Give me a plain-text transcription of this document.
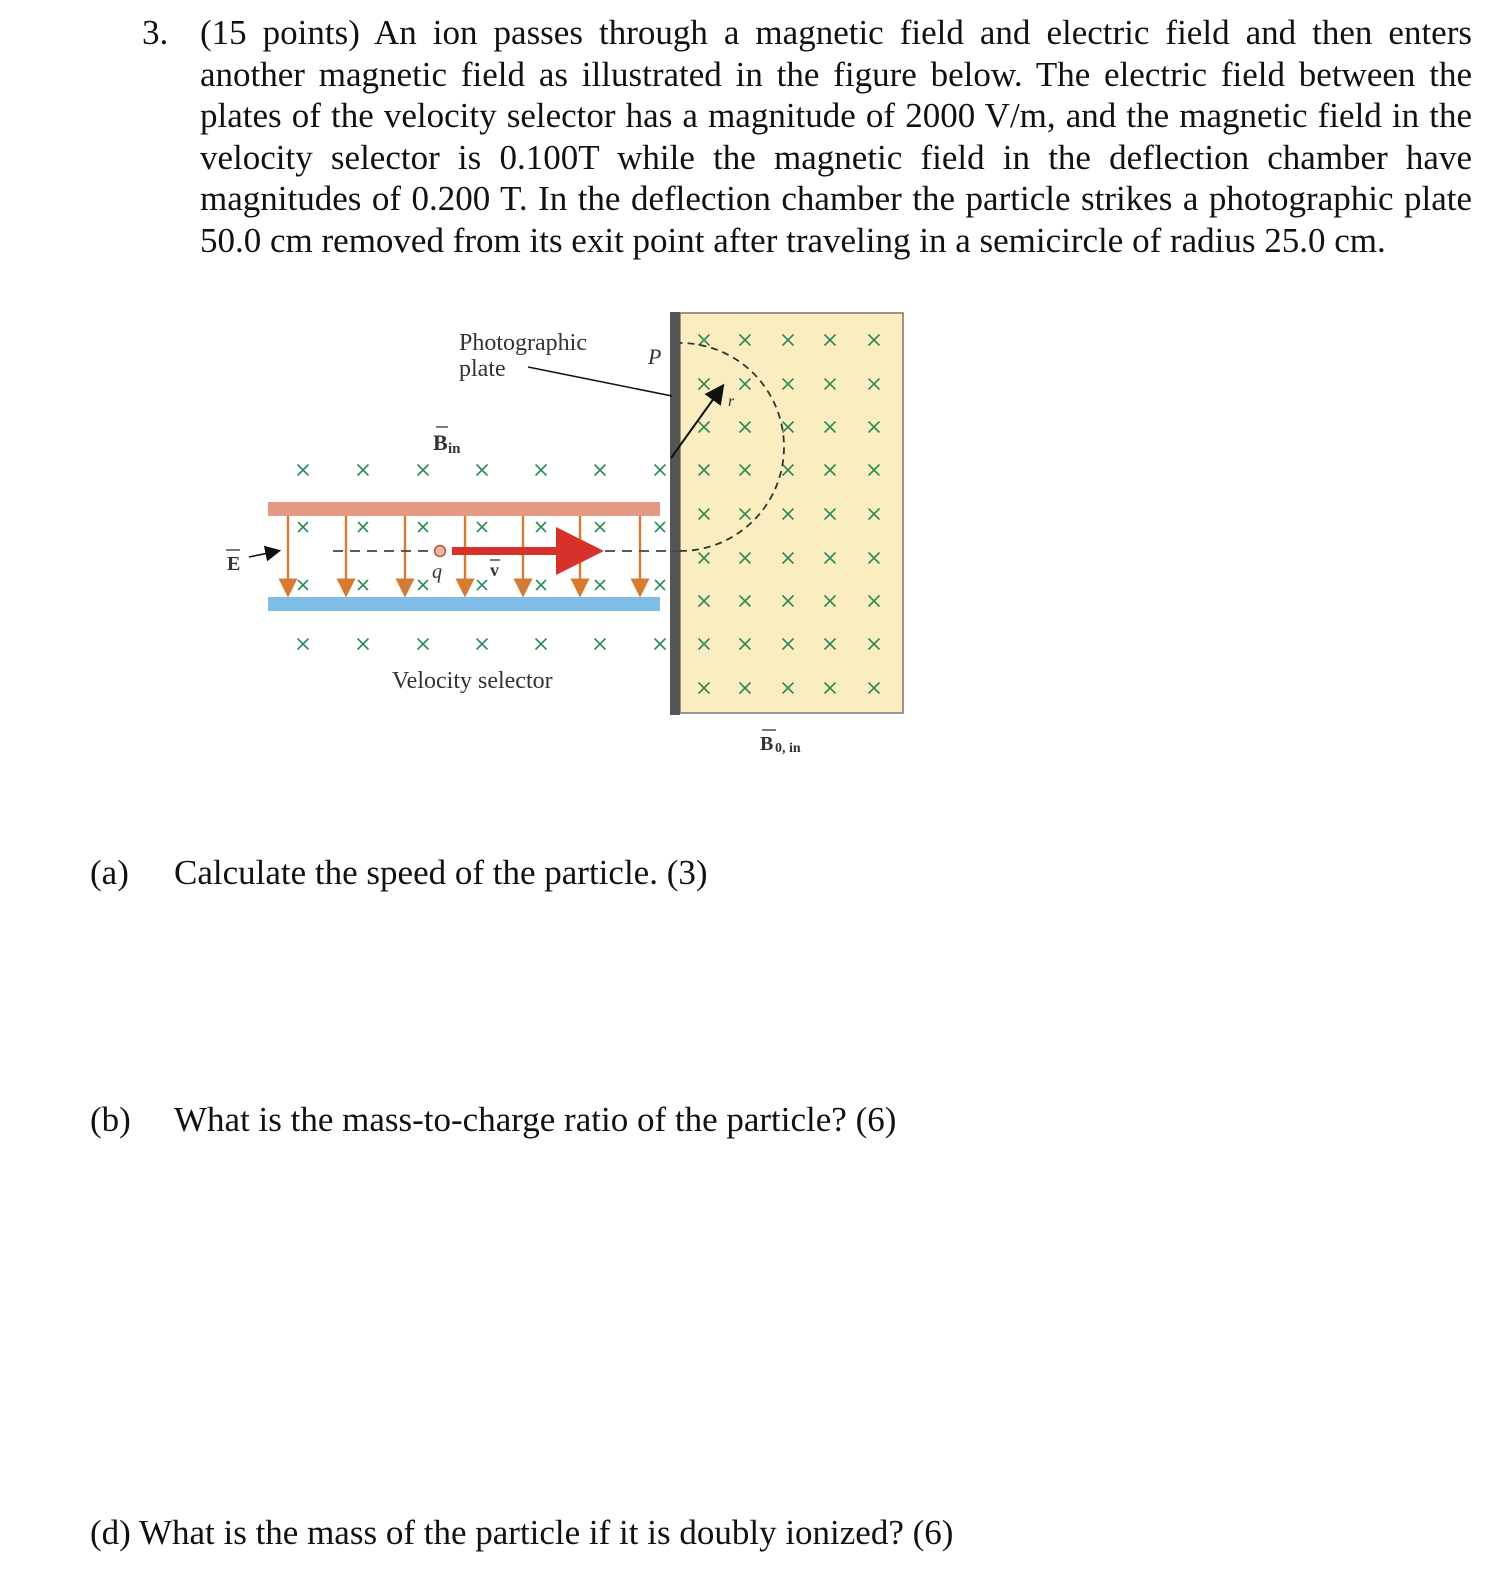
3. (15 points) An ion passes through a magnetic field and electric field and then enters another magnetic field as illustrated in the figure below. The electric field between the plates of the velocity selector has a magnitude of 2000 V/m, and the magnetic field in the velocity selector is 0.100T while the magnetic field in the deflection chamber have magnitudes of 0.200 T. In the deflection chamber the particle strikes a photographic plate 50.0 cm removed from its exit point after traveling in a semicircle of radius 25.0 cm.
Photographic
plate	P
r
B in
E	q	v
Velocity selector
B 0, in
(a) Calculate the speed of the particle. (3)
(b) What is the mass-to-charge ratio of the particle? (6)
(d) What is the mass of the particle if it is doubly ionized? (6)
